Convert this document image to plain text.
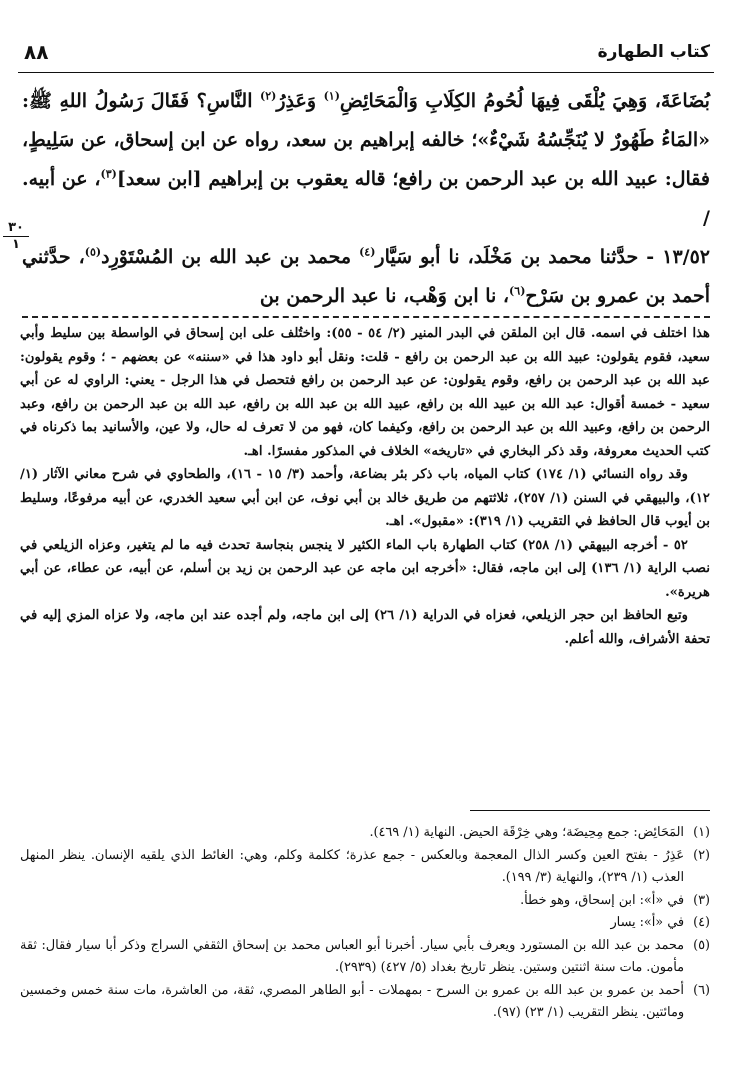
كتاب الطهارة
٨٨
٣٠
١

بُضَاعَةَ، وَهِيَ يُلْقَى فِيهَا لُحُومُ الكِلَابِ وَالْمَحَائِضِ$^{(١)}$ وَعَذِرُ$^{(٢)}$ النَّاسِ؟ فَقَالَ رَسُولُ اللهِ ﷺ: «المَاءُ طَهُورٌ لا يُنَجِّسُهُ شَيْءٌ»؛ خالفه إبراهيم بن سعد، رواه عن ابن إسحاق، عن سَلِيطٍ، فقال: عبيد الله بن عبد الرحمن بن رافع؛ قاله يعقوب بن إبراهيم [ابن سعد]$^{(٣)}$، عن أبيه. /

١٣/٥٢ - حدَّثنا محمد بن مَخْلَد، نا أبو سَيَّار$^{(٤)}$ محمد بن عبد الله بن المُسْتَوْرِد$^{(٥)}$، حدَّثني أحمد بن عمرو بن سَرْح$^{(٦)}$، نا ابن وَهْب، نا عبد الرحمن بن

هذا اختلف في اسمه. قال ابن الملقن في البدر المنير (٢/ ٥٤ - ٥٥): واختُلف على ابن إسحاق في الواسطة بين سليط وأبي سعيد، فقوم يقولون: عبيد الله بن عبد الرحمن بن رافع - قلت: ونقل أبو داود هذا في «سننه» عن بعضهم - ؛ وقوم يقولون: عبد الله بن عبد الرحمن بن رافع، وقوم يقولون: عن عبد الرحمن بن رافع فتحصل في هذا الرجل - يعني: الراوي له عن أبي سعيد - خمسة أقوال: عبد الله بن عبيد الله بن رافع، عبيد الله بن عبد الله بن رافع، عبد الله بن عبد الرحمن بن رافع، وعبد الرحمن بن رافع، وعبيد الله بن عبد الرحمن بن رافع، وكيفما كان، فهو من لا تعرف له حال، ولا عين، والأسانيد بما ذكرناه في كتب الحديث معروفة، وقد ذكر البخاري في «تاريخه» الخلاف في المذكور مفسرًا. اهـ.

وقد رواه النسائي (١/ ١٧٤) كتاب المياه، باب ذكر بئر بضاعة، وأحمد (٣/ ١٥ - ١٦)، والطحاوي في شرح معاني الآثار (١/ ١٢)، والبيهقي في السنن (١/ ٢٥٧)، ثلاثتهم من طريق خالد بن أبي نوف، عن ابن أبي سعيد الخدري، عن أبيه مرفوعًا، وسليط بن أيوب قال الحافظ في التقريب (١/ ٣١٩): «مقبول». اهـ.

٥٢ - أخرجه البيهقي (١/ ٢٥٨) كتاب الطهارة باب الماء الكثير لا ينجس بنجاسة تحدث فيه ما لم يتغير، وعزاه الزيلعي في نصب الراية (١/ ١٣٦) إلى ابن ماجه، فقال: «أخرجه ابن ماجه عن عبد الرحمن بن زيد بن أسلم، عن أبيه، عن عطاء، عن أبي هريرة».

وتبع الحافظ ابن حجر الزيلعي، فعزاه في الدراية (١/ ٢٦) إلى ابن ماجه، ولم أجده عند ابن ماجه، ولا عزاه المزي إليه في تحفة الأشراف، والله أعلم.

(١)
المَحَائِض: جمع مِحِيضَة؛ وهي خِرْقَة الحيض. النهاية (١/ ٤٦٩).
(٢)
عَذِرُ - بفتح العين وكسر الذال المعجمة وبالعكس - جمع عذرة؛ ككلمة وكلم، وهي: الغائط الذي يلقيه الإنسان. ينظر المنهل العذب (١/ ٢٣٩)، والنهاية (٣/ ١٩٩).
(٣)
في «أ»: ابن إسحاق، وهو خطأ.
(٤)
في «أ»: يسار
(٥)
محمد بن عبد الله بن المستورد ويعرف بأبي سيار. أخبرنا أبو العباس محمد بن إسحاق الثقفي السراج وذكر أبا سيار فقال: ثقة مأمون. مات سنة اثنتين وستين. ينظر تاريخ بغداد (٥/ ٤٢٧) (٢٩٣٩).
(٦)
أحمد بن عمرو بن عبد الله بن عمرو بن السرح - بمهملات - أبو الطاهر المصري، ثقة، من العاشرة، مات سنة خمس وخمسين ومائتين. ينظر التقريب (١/ ٢٣) (٩٧).
